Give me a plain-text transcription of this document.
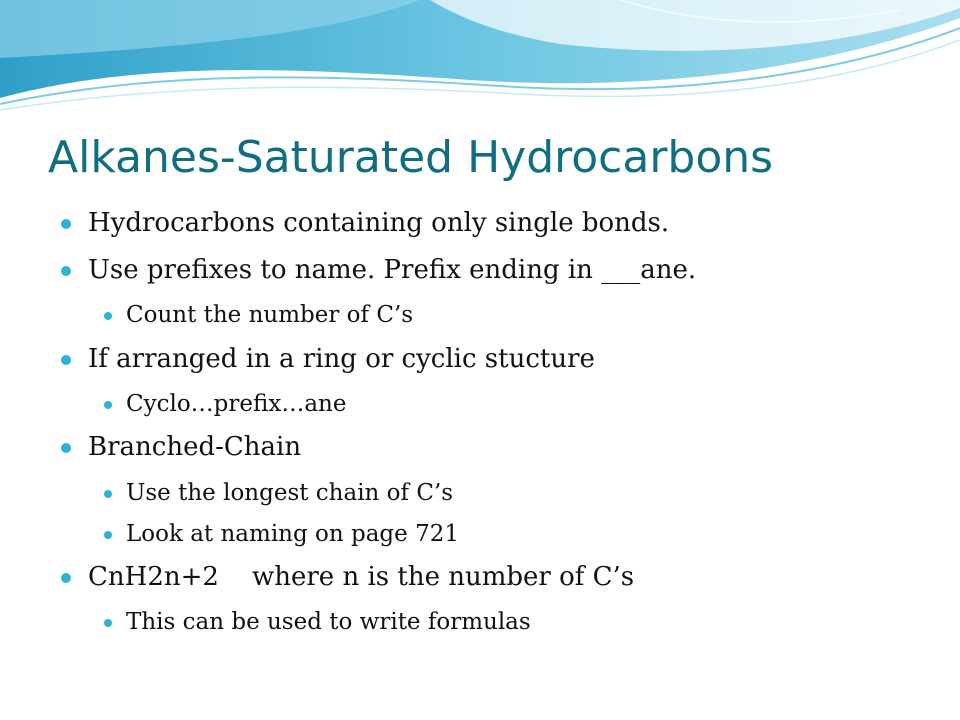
Alkanes-Saturated Hydrocarbons
Hydrocarbons containing only single bonds.
Use prefixes to name. Prefix ending in ___ane.
Count the number of C’s
If arranged in a ring or cyclic stucture
Cyclo…prefix…ane
Branched-Chain
Use the longest chain of C’s
Look at naming on page 721
CnH2n+2    where n is the number of C’s
This can be used to write formulas
